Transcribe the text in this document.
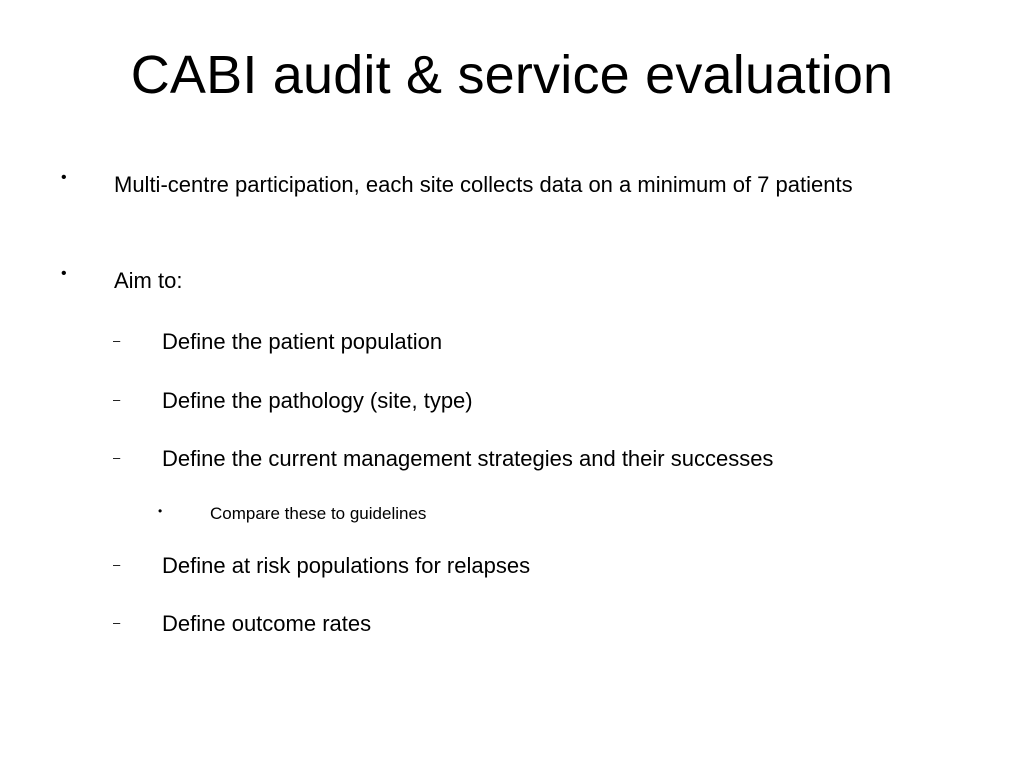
CABI audit & service evaluation
• Multi-centre participation, each site collects data on a minimum of 7 patients
• Aim to:
– Define the patient population
– Define the pathology (site, type)
– Define the current management strategies and their successes
•	Compare these to guidelines
– Define at risk populations for relapses
– Define outcome rates
